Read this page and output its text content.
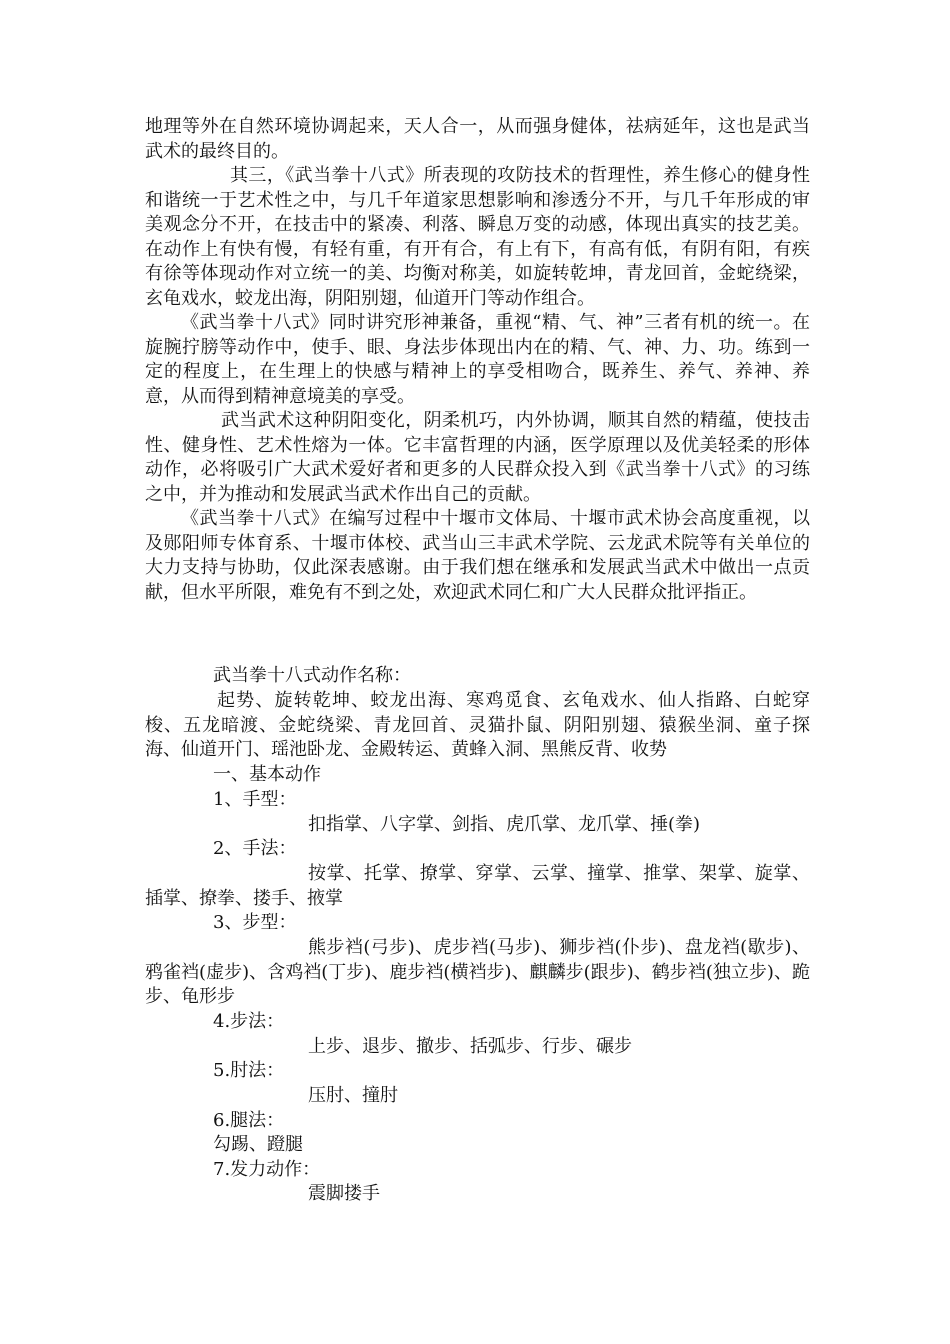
地理等外在自然环境协调起来，天人合一，从而强身健体，祛病延年，这也是武当武术的最终目的。

其三，《武当拳十八式》所表现的攻防技术的哲理性，养生修心的健身性和谐统一于艺术性之中，与几千年道家思想影响和渗透分不开，与几千年形成的审美观念分不开，在技击中的紧凑、利落、瞬息万变的动感，体现出真实的技艺美。在动作上有快有慢，有轻有重，有开有合，有上有下，有高有低，有阴有阳，有疾有徐等体现动作对立统一的美、均衡对称美，如旋转乾坤，青龙回首，金蛇绕梁，玄龟戏水，蛟龙出海，阴阳别翅，仙道开门等动作组合。

《武当拳十八式》同时讲究形神兼备，重视“精、气、神”三者有机的统一。在旋腕拧膀等动作中，使手、眼、身法步体现出内在的精、气、神、力、功。练到一定的程度上，在生理上的快感与精神上的享受相吻合，既养生、养气、养神、养意，从而得到精神意境美的享受。

武当武术这种阴阳变化，阴柔机巧，内外协调，顺其自然的精蕴，使技击性、健身性、艺术性熔为一体。它丰富哲理的内涵，医学原理以及优美轻柔的形体动作，必将吸引广大武术爱好者和更多的人民群众投入到《武当拳十八式》的习练之中，并为推动和发展武当武术作出自己的贡献。

《武当拳十八式》在编写过程中十堰市文体局、十堰市武术协会高度重视，以及郧阳师专体育系、十堰市体校、武当山三丰武术学院、云龙武术院等有关单位的大力支持与协助，仅此深表感谢。由于我们想在继承和发展武当武术中做出一点贡献，但水平所限，难免有不到之处，欢迎武术同仁和广大人民群众批评指正。

武当拳十八式动作名称：

起势、旋转乾坤、蛟龙出海、寒鸡觅食、玄龟戏水、仙人指路、白蛇穿梭、五龙暗渡、金蛇绕梁、青龙回首、灵猫扑鼠、阴阳别翅、猿猴坐洞、童子探海、仙道开门、瑶池卧龙、金殿转运、黄蜂入洞、黑熊反背、收势

一、基本动作

1、手型：

扣指掌、八字掌、剑指、虎爪掌、龙爪掌、捶(拳)

2、手法：

按掌、托掌、撩掌、穿掌、云掌、撞掌、推掌、架掌、旋掌、插掌、撩拳、搂手、掖掌

3、步型：

熊步裆(弓步)、虎步裆(马步)、狮步裆(仆步)、盘龙裆(歇步)、鸦雀裆(虚步)、含鸡裆(丁步)、鹿步裆(横裆步)、麒麟步(跟步)、鹤步裆(独立步)、跪步、龟形步

4.步法：

上步、退步、撤步、括弧步、行步、碾步

5.肘法：

压肘、撞肘

6.腿法：

勾踢、蹬腿

7.发力动作：

震脚搂手
